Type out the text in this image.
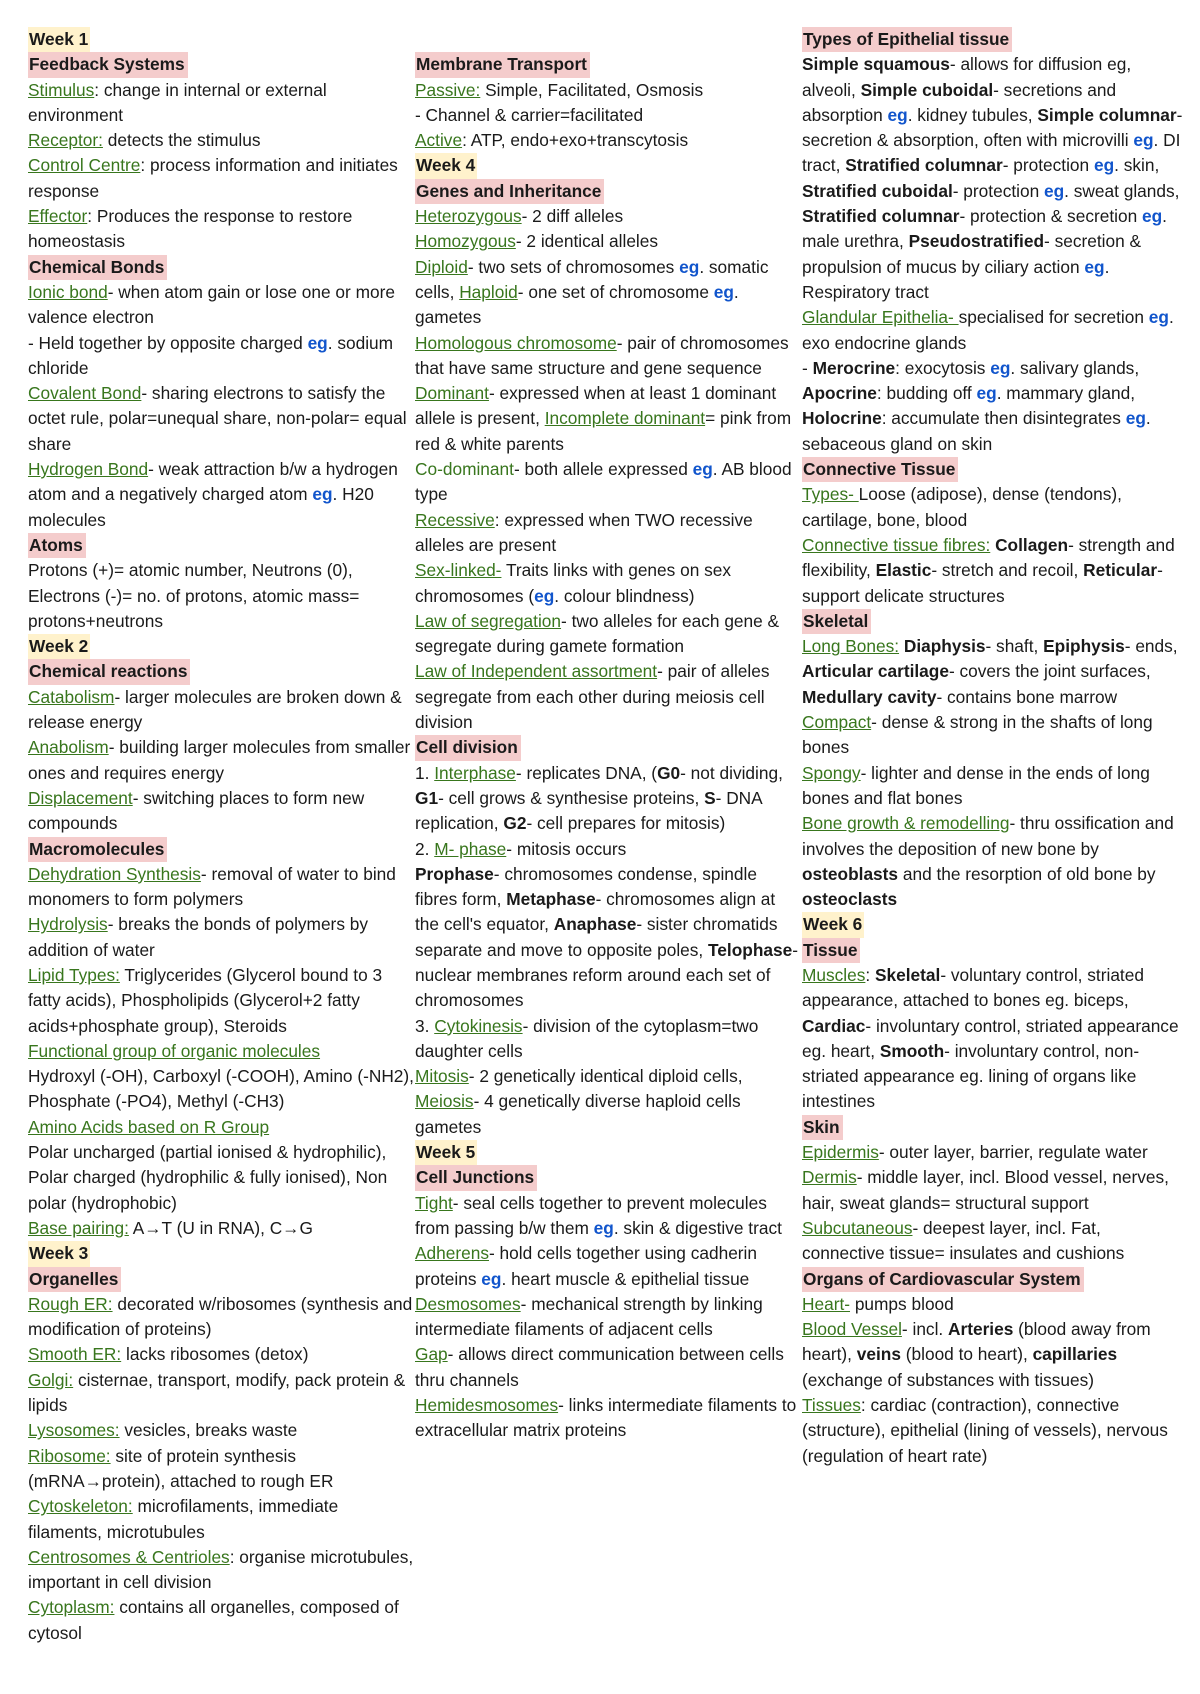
Week 1
Feedback Systems
Stimulus: change in internal or external environment
Receptor: detects the stimulus
Control Centre: process information and initiates response
Effector: Produces the response to restore homeostasis
Chemical Bonds
Ionic bond- when atom gain or lose one or more valence electron
- Held together by opposite charged eg. sodium chloride
Covalent Bond- sharing electrons to satisfy the octet rule, polar=unequal share, non-polar= equal share
Hydrogen Bond- weak attraction b/w a hydrogen atom and a negatively charged atom eg. H20 molecules
Atoms
Protons (+)= atomic number, Neutrons (0), Electrons (-)= no. of protons, atomic mass= protons+neutrons
Week 2
Chemical reactions
Catabolism- larger molecules are broken down & release energy
Anabolism- building larger molecules from smaller ones and requires energy
Displacement- switching places to form new compounds
Macromolecules
Dehydration Synthesis- removal of water to bind monomers to form polymers
Hydrolysis- breaks the bonds of polymers by addition of water
Lipid Types: Triglycerides (Glycerol bound to 3 fatty acids), Phospholipids (Glycerol+2 fatty acids+phosphate group), Steroids
Functional group of organic molecules
Hydroxyl (-OH), Carboxyl (-COOH), Amino (-NH2), Phosphate (-PO4), Methyl (-CH3)
Amino Acids based on R Group
Polar uncharged (partial ionised & hydrophilic), Polar charged (hydrophilic & fully ionised), Non polar (hydrophobic)
Base pairing: A→T (U in RNA), C→G
Week 3
Organelles
Rough ER: decorated w/ribosomes (synthesis and modification of proteins)
Smooth ER: lacks ribosomes (detox)
Golgi: cisternae, transport, modify, pack protein & lipids
Lysosomes: vesicles, breaks waste
Ribosome: site of protein synthesis (mRNA→protein), attached to rough ER
Cytoskeleton: microfilaments, immediate filaments, microtubules
Centrosomes & Centrioles: organise microtubules, important in cell division
Cytoplasm: contains all organelles, composed of cytosol

Membrane Transport
Passive: Simple, Facilitated, Osmosis
- Channel & carrier=facilitated
Active: ATP, endo+exo+transcytosis
Week 4
Genes and Inheritance
Heterozygous- 2 diff alleles
Homozygous- 2 identical alleles
Diploid- two sets of chromosomes eg. somatic cells, Haploid- one set of chromosome eg. gametes
Homologous chromosome- pair of chromosomes that have same structure and gene sequence
Dominant- expressed when at least 1 dominant allele is present, Incomplete dominant= pink from red & white parents
Co-dominant- both allele expressed eg. AB blood type
Recessive: expressed when TWO recessive alleles are present
Sex-linked- Traits links with genes on sex chromosomes (eg. colour blindness)
Law of segregation- two alleles for each gene & segregate during gamete formation
Law of Independent assortment- pair of alleles segregate from each other during meiosis cell division
Cell division
1. Interphase- replicates DNA, (G0- not dividing, G1- cell grows & synthesise proteins, S- DNA replication, G2- cell prepares for mitosis)
2. M- phase- mitosis occurs
Prophase- chromosomes condense, spindle fibres form, Metaphase- chromosomes align at the cell's equator, Anaphase- sister chromatids separate and move to opposite poles, Telophase- nuclear membranes reform around each set of chromosomes
3. Cytokinesis- division of the cytoplasm=two daughter cells
Mitosis- 2 genetically identical diploid cells, Meiosis- 4 genetically diverse haploid cells gametes
Week 5
Cell Junctions
Tight- seal cells together to prevent molecules from passing b/w them eg. skin & digestive tract
Adherens- hold cells together using cadherin proteins eg. heart muscle & epithelial tissue
Desmosomes- mechanical strength by linking intermediate filaments of adjacent cells
Gap- allows direct communication between cells thru channels
Hemidesmosomes- links intermediate filaments to extracellular matrix proteins
Types of Epithelial tissue
Simple squamous- allows for diffusion eg, alveoli, Simple cuboidal- secretions and absorption eg. kidney tubules, Simple columnar- secretion & absorption, often with microvilli eg. DI tract, Stratified columnar- protection eg. skin, Stratified cuboidal- protection eg. sweat glands, Stratified columnar- protection & secretion eg. male urethra, Pseudostratified- secretion & propulsion of mucus by ciliary action eg. Respiratory tract
Glandular Epithelia- specialised for secretion eg. exo endocrine glands
- Merocrine: exocytosis eg. salivary glands, Apocrine: budding off eg. mammary gland, Holocrine: accumulate then disintegrates eg. sebaceous gland on skin
Connective Tissue
Types- Loose (adipose), dense (tendons), cartilage, bone, blood
Connective tissue fibres: Collagen- strength and flexibility, Elastic- stretch and recoil, Reticular- support delicate structures
Skeletal
Long Bones: Diaphysis- shaft, Epiphysis- ends, Articular cartilage- covers the joint surfaces, Medullary cavity- contains bone marrow
Compact- dense & strong in the shafts of long bones
Spongy- lighter and dense in the ends of long bones and flat bones
Bone growth & remodelling- thru ossification and involves the deposition of new bone by osteoblasts and the resorption of old bone by osteoclasts
Week 6
Tissue
Muscles: Skeletal- voluntary control, striated appearance, attached to bones eg. biceps, Cardiac- involuntary control, striated appearance eg. heart, Smooth- involuntary control, non-striated appearance eg. lining of organs like intestines
Skin
Epidermis- outer layer, barrier, regulate water
Dermis- middle layer, incl. Blood vessel, nerves, hair, sweat glands= structural support
Subcutaneous- deepest layer, incl. Fat, connective tissue= insulates and cushions
Organs of Cardiovascular System
Heart- pumps blood
Blood Vessel- incl. Arteries (blood away from heart), veins (blood to heart), capillaries (exchange of substances with tissues)
Tissues: cardiac (contraction), connective (structure), epithelial (lining of vessels), nervous (regulation of heart rate)
